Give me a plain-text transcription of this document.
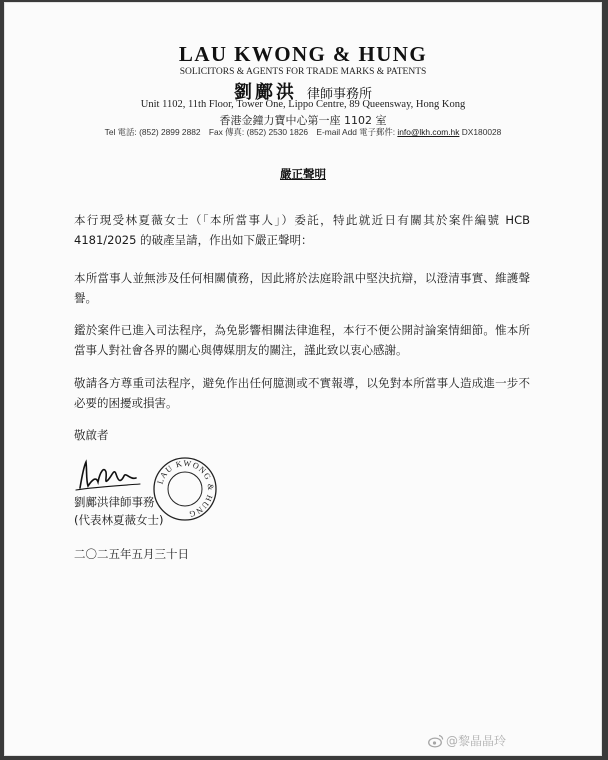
LAU KWONG & HUNG
SOLICITORS & AGENTS FOR TRADE MARKS & PATENTS
劉鄺洪 律師事務所
Unit 1102, 11th Floor, Tower One, Lippo Centre, 89 Queensway, Hong Kong
香港金鐘力寶中心第一座 1102 室
Tel 電話: (852) 2899 2882 Fax 傳真: (852) 2530 1826 E-mail Add 電子郵件: info@lkh.com.hk DX180028
嚴正聲明
本行現受林夏薇女士（「本所當事人」）委託，特此就近日有關其於案件編號 HCB 4181/2025 的破產呈請，作出如下嚴正聲明：
本所當事人並無涉及任何相關債務，因此將於法庭聆訊中堅決抗辯，以澄清事實、維護聲譽。
鑑於案件已進入司法程序，為免影響相關法律進程，本行不便公開討論案情細節。惟本所當事人對社會各界的關心與傳媒朋友的關注，謹此致以衷心感謝。
敬請各方尊重司法程序，避免作出任何臆測或不實報導，以免對本所當事人造成進一步不必要的困擾或損害。
敬啟者
LAU KWONG & HUNG
劉鄺洪律師事務
(代表林夏薇女士)
二〇二五年五月三十日
@黎晶晶玲
